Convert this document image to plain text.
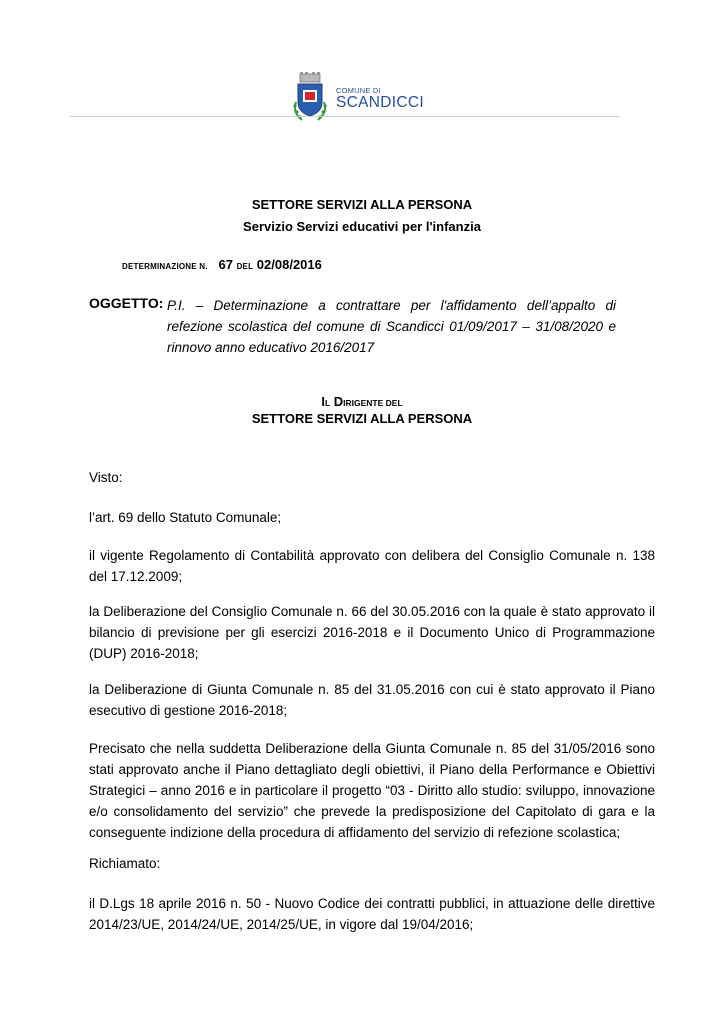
COMUNE DI
SCANDICCI
SETTORE SERVIZI ALLA PERSONA
Servizio Servizi educativi per l'infanzia
DETERMINAZIONE N. 67 DEL 02/08/2016
OGGETTO: P.I. – Determinazione a contrattare per l'affidamento dell’appalto di refezione scolastica del comune di Scandicci 01/09/2017 – 31/08/2020 e rinnovo anno educativo 2016/2017
IL DIRIGENTE DEL
SETTORE SERVIZI ALLA PERSONA
Visto:
l’art. 69 dello Statuto Comunale;
il vigente Regolamento di Contabilità approvato con delibera del Consiglio Comunale n. 138 del 17.12.2009;
la Deliberazione del Consiglio Comunale n. 66 del 30.05.2016 con la quale è stato approvato il bilancio di previsione per gli esercizi 2016-2018 e il Documento Unico di Programmazione (DUP) 2016-2018;
la Deliberazione di Giunta Comunale n. 85 del 31.05.2016 con cui è stato approvato il Piano esecutivo di gestione 2016-2018;
Precisato che nella suddetta Deliberazione della Giunta Comunale n. 85 del 31/05/2016 sono stati approvato anche il Piano dettagliato degli obiettivi, il Piano della Performance e Obiettivi Strategici – anno 2016 e in particolare il progetto “03 - Diritto allo studio: sviluppo, innovazione e/o consolidamento del servizio” che prevede la predisposizione del Capitolato di gara e la conseguente indizione della procedura di affidamento del servizio di refezione scolastica;
Richiamato:
il D.Lgs 18 aprile 2016 n. 50 - Nuovo Codice dei contratti pubblici, in attuazione delle direttive 2014/23/UE, 2014/24/UE, 2014/25/UE, in vigore dal 19/04/2016;
